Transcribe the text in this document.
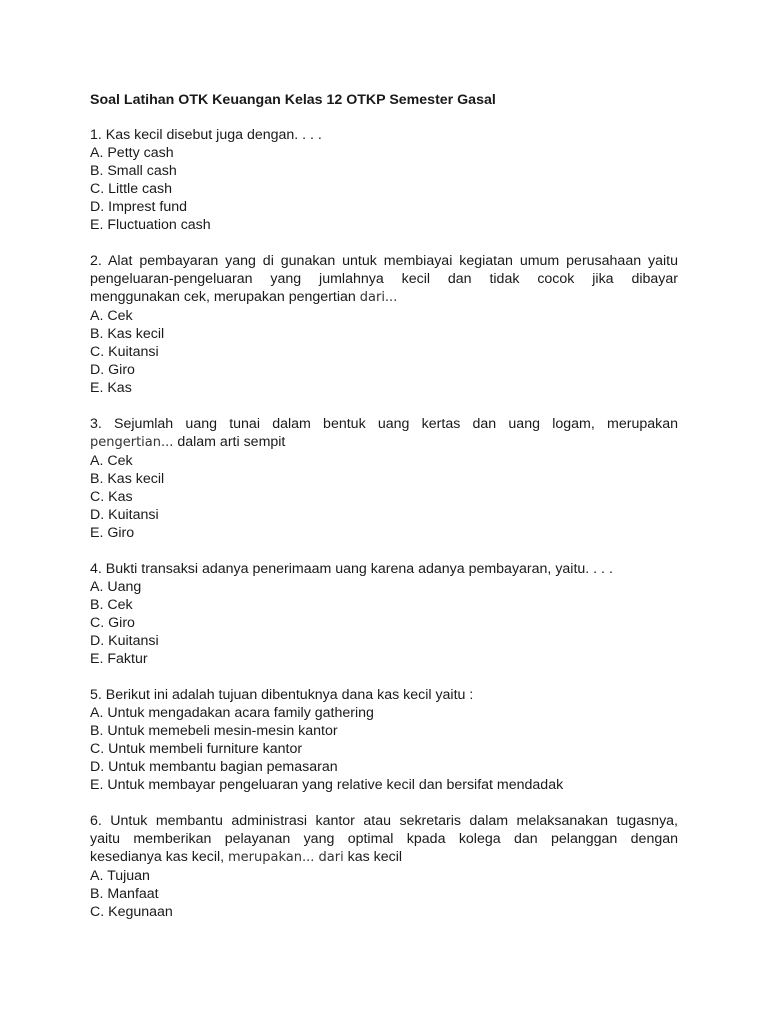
Soal Latihan OTK Keuangan Kelas 12 OTKP Semester Gasal
1. Kas kecil disebut juga dengan. . . .
A. Petty cash
B. Small cash
C. Little cash
D. Imprest fund
E. Fluctuation cash
2. Alat pembayaran yang di gunakan untuk membiayai kegiatan umum perusahaan yaitu
pengeluaran-pengeluaran yang jumlahnya kecil dan tidak cocok jika dibayar
menggunakan cek, merupakan pengertian dari...
A. Cek
B. Kas kecil
C. Kuitansi
D. Giro
E. Kas
3. Sejumlah uang tunai dalam bentuk uang kertas dan uang logam, merupakan
pengertian... dalam arti sempit
A. Cek
B. Kas kecil
C. Kas
D. Kuitansi
E. Giro
4. Bukti transaksi adanya penerimaam uang karena adanya pembayaran, yaitu. . . .
A. Uang
B. Cek
C. Giro
D. Kuitansi
E. Faktur
5. Berikut ini adalah tujuan dibentuknya dana kas kecil yaitu :
A. Untuk mengadakan acara family gathering
B. Untuk memebeli mesin-mesin kantor
C. Untuk membeli furniture kantor
D. Untuk membantu bagian pemasaran
E. Untuk membayar pengeluaran yang relative kecil dan bersifat mendadak
6. Untuk membantu administrasi kantor atau sekretaris dalam melaksanakan tugasnya,
yaitu memberikan pelayanan yang optimal kpada kolega dan pelanggan dengan
kesedianya kas kecil, merupakan... dari kas kecil
A. Tujuan
B. Manfaat
C. Kegunaan
